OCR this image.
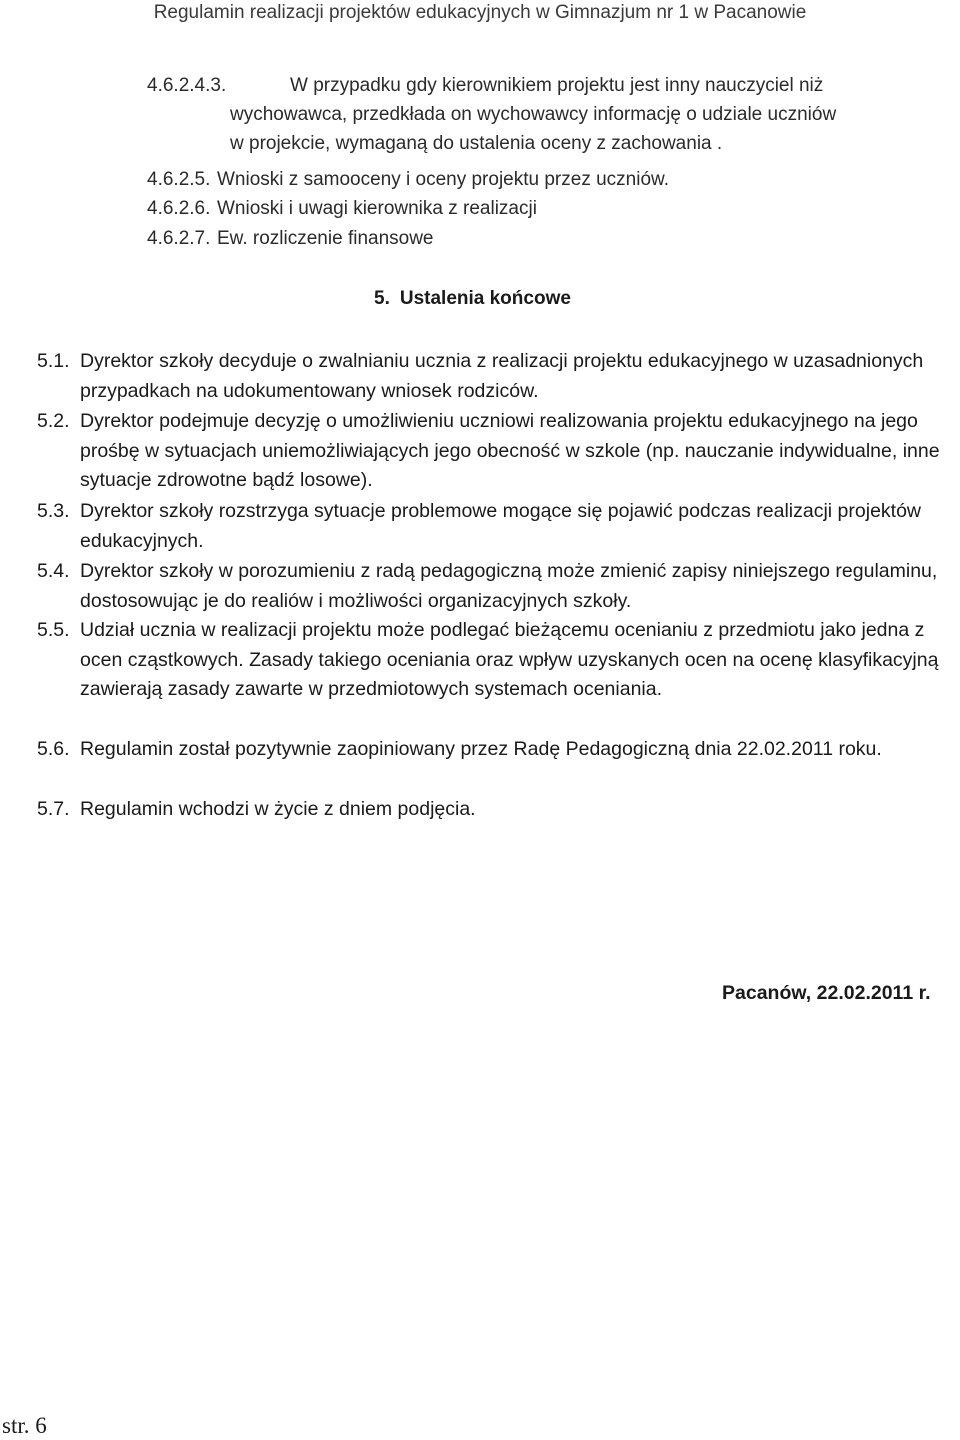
Regulamin realizacji projektów edukacyjnych w Gimnazjum nr 1 w Pacanowie
4.6.2.4.3.	W przypadku gdy kierownikiem projektu jest inny nauczyciel niż
wychowawca, przedkłada on wychowawcy informację o udziale uczniów
w projekcie, wymaganą do ustalenia oceny z zachowania .
4.6.2.5. Wnioski z samooceny i oceny projektu przez uczniów.
4.6.2.6. Wnioski i uwagi kierownika z realizacji
4.6.2.7. Ew. rozliczenie finansowe
5. Ustalenia końcowe
5.1. Dyrektor szkoły decyduje o zwalnianiu ucznia z realizacji projektu edukacyjnego w uzasadnionych przypadkach na udokumentowany wniosek rodziców.
5.2. Dyrektor podejmuje decyzję o umożliwieniu uczniowi realizowania projektu edukacyjnego na jego prośbę w sytuacjach uniemożliwiających jego obecność w szkole (np. nauczanie indywidualne, inne sytuacje zdrowotne bądź losowe).
5.3. Dyrektor szkoły rozstrzyga sytuacje problemowe mogące się pojawić podczas realizacji projektów edukacyjnych.
5.4. Dyrektor szkoły w porozumieniu z radą pedagogiczną może zmienić zapisy niniejszego regulaminu, dostosowując je do realiów i możliwości organizacyjnych szkoły.
5.5. Udział ucznia w realizacji projektu może podlegać bieżącemu ocenianiu z przedmiotu jako jedna z ocen cząstkowych. Zasady takiego oceniania oraz wpływ uzyskanych ocen na ocenę klasyfikacyjną zawierają zasady zawarte w przedmiotowych systemach oceniania.
5.6. Regulamin został pozytywnie zaopiniowany przez Radę Pedagogiczną dnia 22.02.2011 roku.
5.7. Regulamin wchodzi w życie z dniem podjęcia.
Pacanów, 22.02.2011 r.
str. 6
